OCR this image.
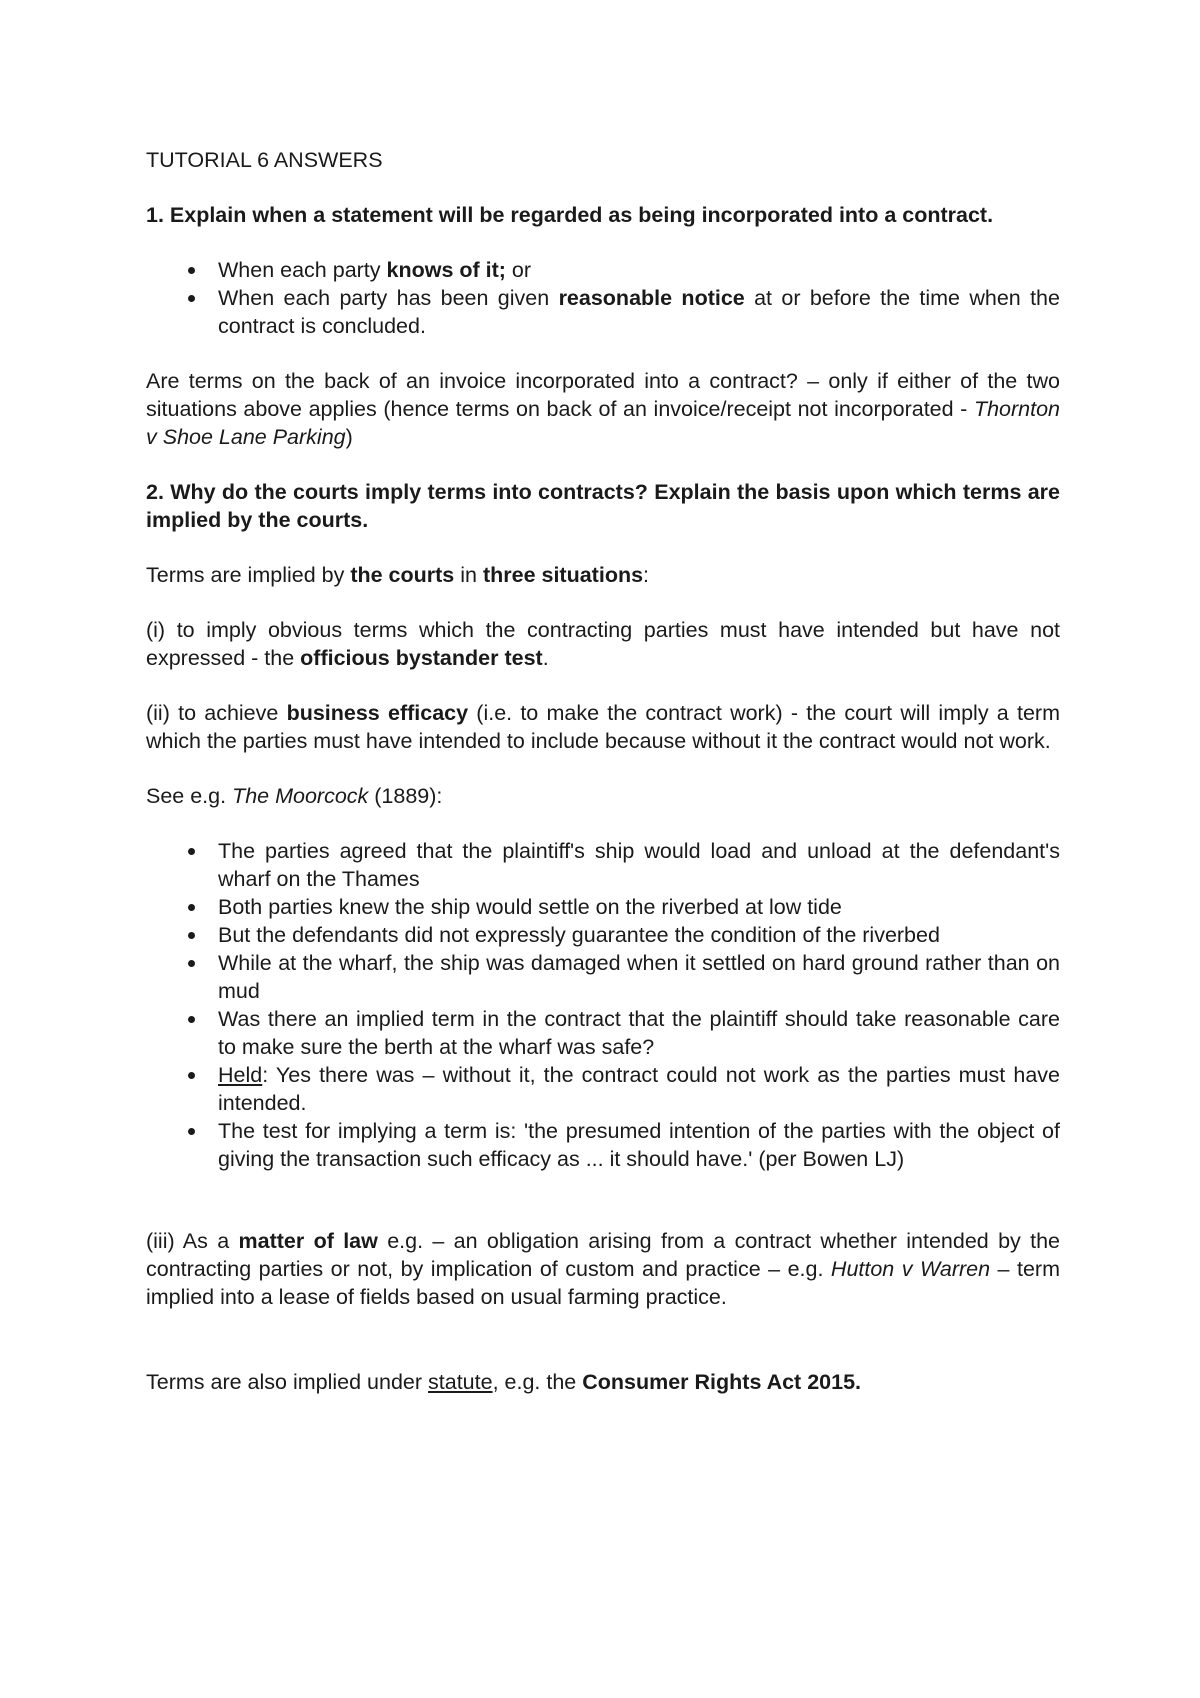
TUTORIAL 6 ANSWERS
1. Explain when a statement will be regarded as being incorporated into a contract.
When each party knows of it; or
When each party has been given reasonable notice at or before the time when the contract is concluded.

Are terms on the back of an invoice incorporated into a contract? – only if either of the two situations above applies (hence terms on back of an invoice/receipt not incorporated - Thornton v Shoe Lane Parking)

2. Why do the courts imply terms into contracts? Explain the basis upon which terms are implied by the courts.

Terms are implied by the courts in three situations:

(i) to imply obvious terms which the contracting parties must have intended but have not expressed - the officious bystander test.

(ii) to achieve business efficacy (i.e. to make the contract work) - the court will imply a term which the parties must have intended to include because without it the contract would not work.

See e.g. The Moorcock (1889):

The parties agreed that the plaintiff's ship would load and unload at the defendant's wharf on the Thames
Both parties knew the ship would settle on the riverbed at low tide
But the defendants did not expressly guarantee the condition of the riverbed
While at the wharf, the ship was damaged when it settled on hard ground rather than on mud
Was there an implied term in the contract that the plaintiff should take reasonable care to make sure the berth at the wharf was safe?
Held: Yes there was – without it, the contract could not work as the parties must have intended.
The test for implying a term is: 'the presumed intention of the parties with the object of giving the transaction such efficacy as ... it should have.' (per Bowen LJ)

(iii) As a matter of law e.g. – an obligation arising from a contract whether intended by the contracting parties or not, by implication of custom and practice – e.g. Hutton v Warren – term implied into a lease of fields based on usual farming practice.

Terms are also implied under statute, e.g. the Consumer Rights Act 2015.
